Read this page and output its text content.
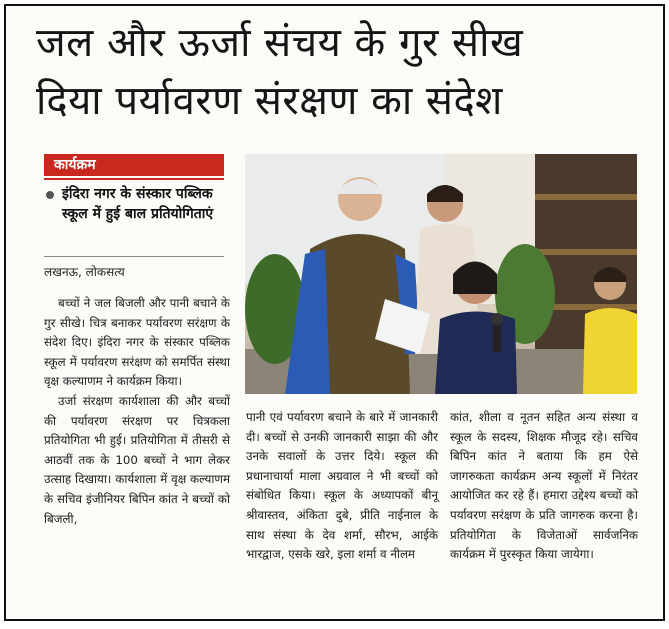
जल और ऊर्जा संचय के गुर सीख
दिया पर्यावरण संरक्षण का संदेश
कार्यक्रम
इंदिरा नगर के संस्कार पब्लिक स्कूल में हुई बाल प्रतियोगिताएं
लखनऊ, लोकसत्य

बच्चों ने जल बिजली और पानी बचाने के गुर सीखे। चित्र बनाकर पर्यावरण सरंक्षण के संदेश दिए। इंदिरा नगर के संस्कार पब्लिक स्कूल में पर्यावरण सरंक्षण को समर्पित संस्था वृक्ष कल्याणम ने कार्यक्रम किया।

उर्जा संरक्षण कार्यशाला की और बच्चों की पर्यावरण संरक्षण पर चित्रकला प्रतियोगिता भी हुई। प्रतियोगिता में तीसरी से आठवीं तक के 100 बच्चों ने भाग लेकर उत्साह दिखाया। कार्यशाला में वृक्ष कल्याणम के सचिव इंजीनियर बिपिन कांत ने बच्चों को बिजली,

पानी एवं पर्यावरण बचाने के बारे में जानकारी दी। बच्चों से उनकी जानकारी साझा की और उनके सवालों के उत्तर दिये। स्कूल की प्रधानाचार्या माला अग्रवाल ने भी बच्चों को संबोधित किया। स्कूल के अध्यापकों बीनू श्रीवास्तव, अंकिता दुबे, प्रीति नाईनाल के साथ संस्था के देव शर्मा, सौरभ, आईके भारद्वाज, एसके खरे, इला शर्मा व नीलम

कांत, शीला व नूतन सहित अन्य संस्था व स्कूल के सदस्य, शिक्षक मौजूद रहे। सचिव बिपिन कांत ने बताया कि हम ऐसे जागरुकता कार्यक्रम अन्य स्कूलों में निरंतर आयोजित कर रहे हैं। हमारा उद्देश्य बच्चों को पर्यावरण सरंक्षण के प्रति जागरुक करना है। प्रतियोगिता के विजेताओं सार्वजनिक कार्यक्रम में पुरस्कृत किया जायेगा।
